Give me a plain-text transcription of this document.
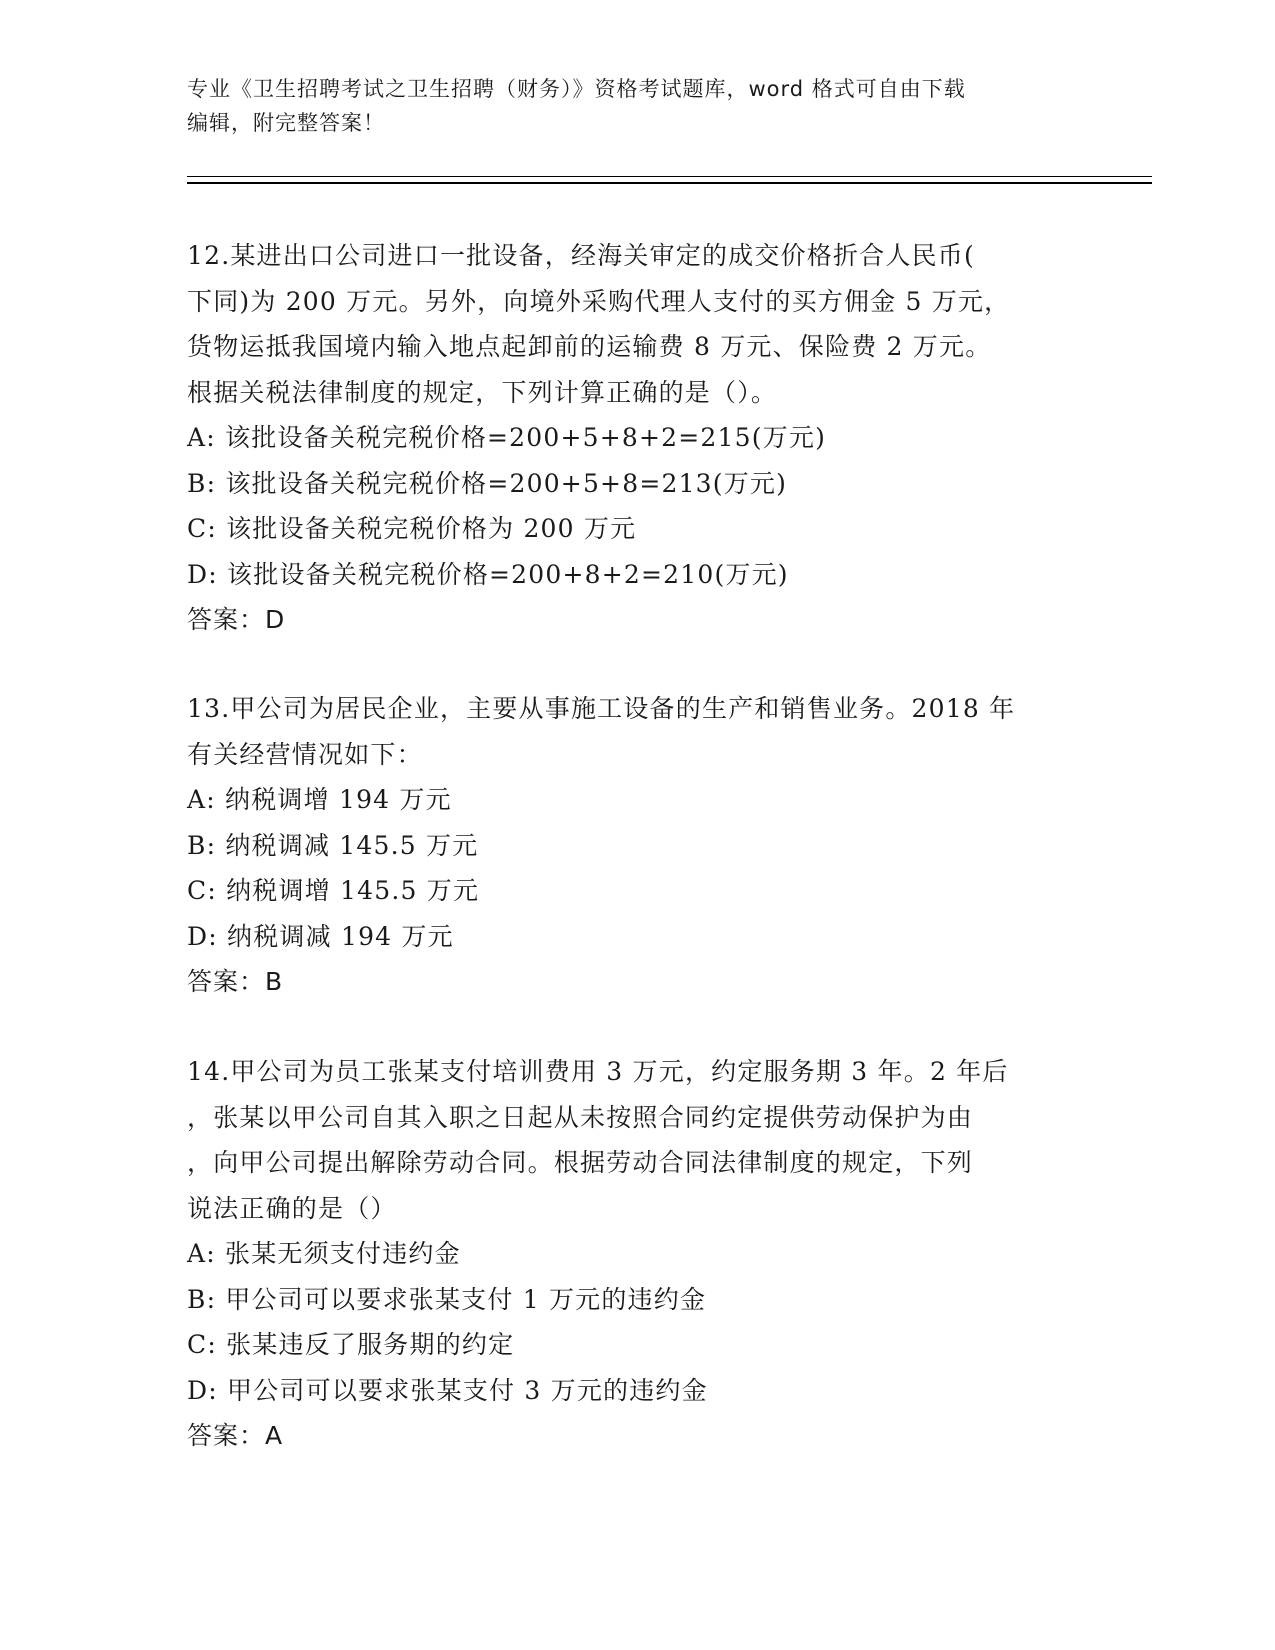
专业《卫生招聘考试之卫生招聘（财务）》资格考试题库，word 格式可自由下载
编辑，附完整答案！
12.某进出口公司进口一批设备，经海关审定的成交价格折合人民币(
下同)为 200 万元。另外，向境外采购代理人支付的买方佣金 5 万元，
货物运抵我国境内输入地点起卸前的运输费 8 万元、保险费 2 万元。
根据关税法律制度的规定，下列计算正确的是（）。
A: 该批设备关税完税价格=200+5+8+2=215(万元)
B: 该批设备关税完税价格=200+5+8=213(万元)
C: 该批设备关税完税价格为 200 万元
D: 该批设备关税完税价格=200+8+2=210(万元)
答案：D
13.甲公司为居民企业，主要从事施工设备的生产和销售业务。2018 年
有关经营情况如下：
A: 纳税调增 194 万元
B: 纳税调减 145.5 万元
C: 纳税调增 145.5 万元
D: 纳税调减 194 万元
答案：B
14.甲公司为员工张某支付培训费用 3 万元，约定服务期 3 年。2 年后
，张某以甲公司自其入职之日起从未按照合同约定提供劳动保护为由
，向甲公司提出解除劳动合同。根据劳动合同法律制度的规定，下列
说法正确的是（）
A: 张某无须支付违约金
B: 甲公司可以要求张某支付 1 万元的违约金
C: 张某违反了服务期的约定
D: 甲公司可以要求张某支付 3 万元的违约金
答案：A
